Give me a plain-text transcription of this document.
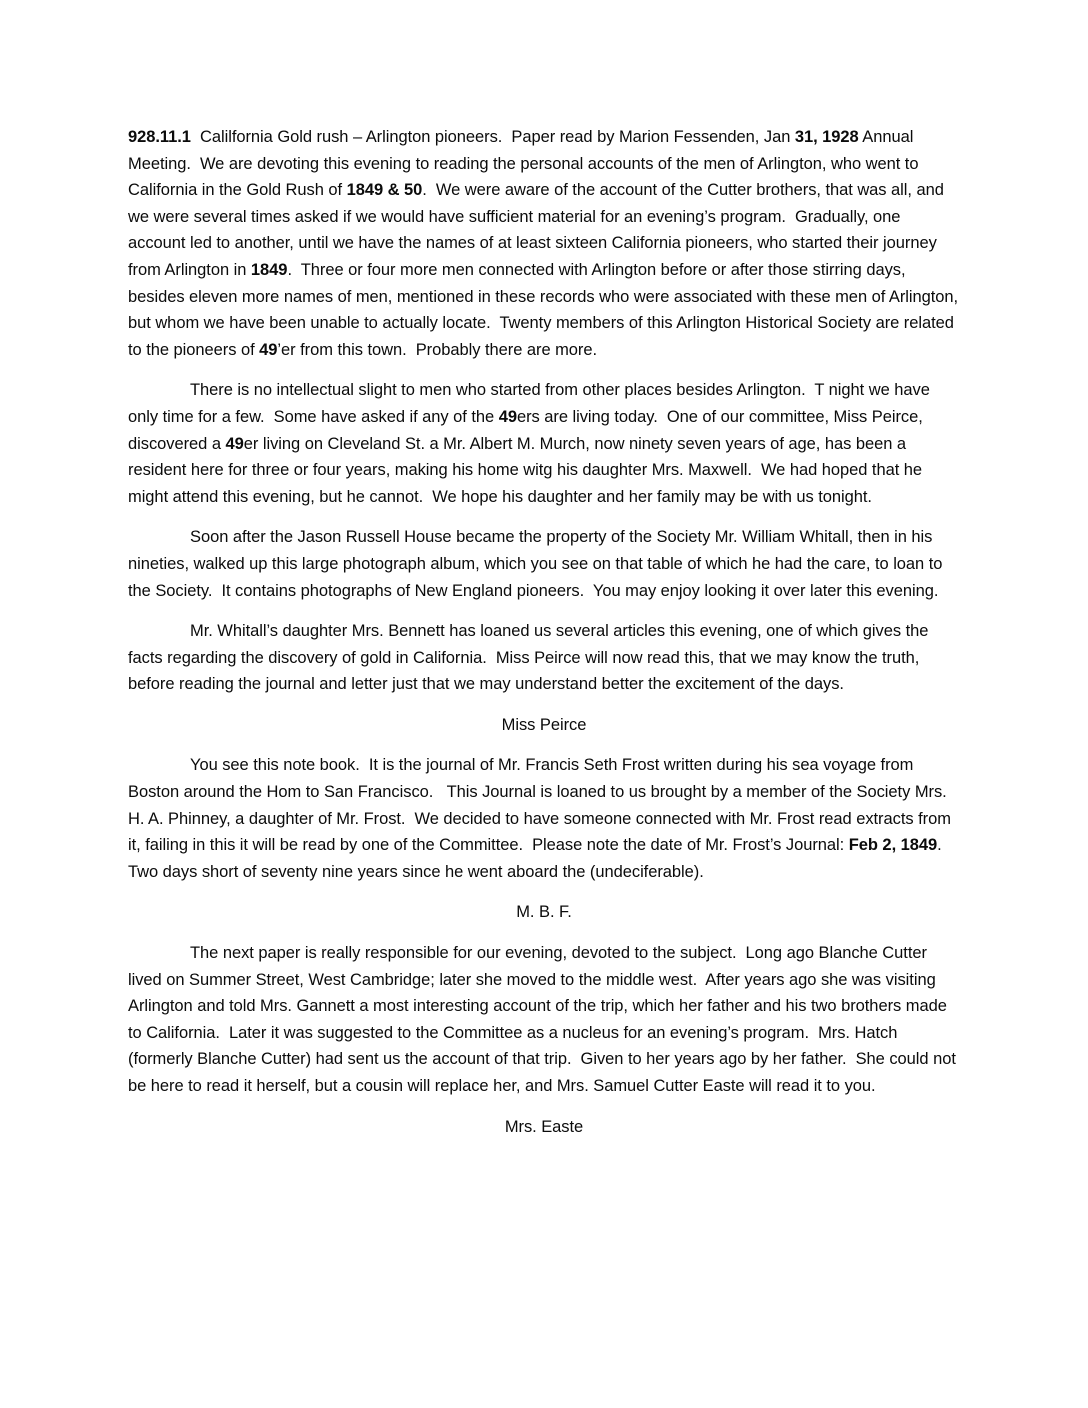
928.11.1  Calilfornia Gold rush – Arlington pioneers.  Paper read by Marion Fessenden, Jan 31, 1928 Annual Meeting.  We are devoting this evening to reading the personal accounts of the men of Arlington, who went to California in the Gold Rush of 1849 & 50.  We were aware of the account of the Cutter brothers, that was all, and we were several times asked if we would have sufficient material for an evening’s program.  Gradually, one account led to another, until we have the names of at least sixteen California pioneers, who started their journey from Arlington in 1849.  Three or four more men connected with Arlington before or after those stirring days, besides eleven more names of men, mentioned in these records who were associated with these men of Arlington, but whom we have been unable to actually locate.  Twenty members of this Arlington Historical Society are related to the pioneers of 49’er from this town.  Probably there are more.

There is no intellectual slight to men who started from other places besides Arlington.  T night we have only time for a few.  Some have asked if any of the 49ers are living today.  One of our committee, Miss Peirce, discovered a 49er living on Cleveland St. a Mr. Albert M. Murch, now ninety seven years of age, has been a resident here for three or four years, making his home witg his daughter Mrs. Maxwell.  We had hoped that he might attend this evening, but he cannot.  We hope his daughter and her family may be with us tonight.

Soon after the Jason Russell House became the property of the Society Mr. William Whitall, then in his nineties, walked up this large photograph album, which you see on that table of which he had the care, to loan to the Society.  It contains photographs of New England pioneers.  You may enjoy looking it over later this evening.

Mr. Whitall’s daughter Mrs. Bennett has loaned us several articles this evening, one of which gives the facts regarding the discovery of gold in California.  Miss Peirce will now read this, that we may know the truth, before reading the journal and letter just that we may understand better the excitement of the days.

Miss Peirce

You see this note book.  It is the journal of Mr. Francis Seth Frost written during his sea voyage from Boston around the Hom to San Francisco.   This Journal is loaned to us brought by a member of the Society Mrs. H. A. Phinney, a daughter of Mr. Frost.  We decided to have someone connected with Mr. Frost read extracts from it, failing in this it will be read by one of the Committee.  Please note the date of Mr. Frost’s Journal: Feb 2, 1849.  Two days short of seventy nine years since he went aboard the (undeciferable).

M. B. F.

The next paper is really responsible for our evening, devoted to the subject.  Long ago Blanche Cutter lived on Summer Street, West Cambridge; later she moved to the middle west.  After years ago she was visiting Arlington and told Mrs. Gannett a most interesting account of the trip, which her father and his two brothers made to California.  Later it was suggested to the Committee as a nucleus for an evening’s program.  Mrs. Hatch (formerly Blanche Cutter) had sent us the account of that trip.  Given to her years ago by her father.  She could not be here to read it herself, but a cousin will replace her, and Mrs. Samuel Cutter Easte will read it to you.

Mrs. Easte
